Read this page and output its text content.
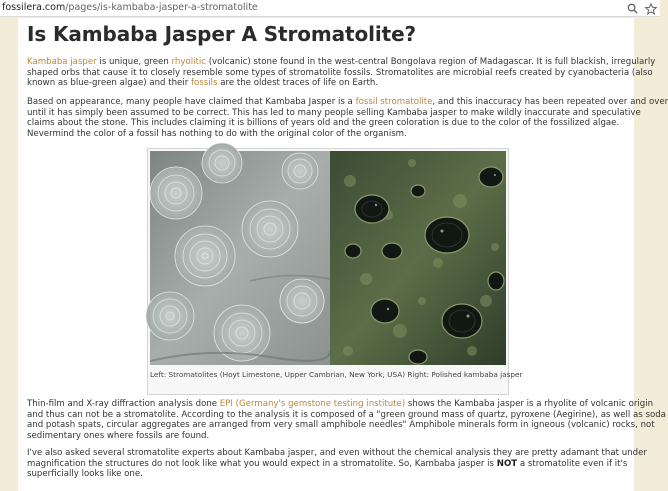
fossilera.com/pages/is-kambaba-jasper-a-stromatolite
Is Kambaba Jasper A Stromatolite?
Kambaba jasper is unique, green rhyolitic (volcanic) stone found in the west-central Bongolava region of Madagascar. It is full blackish, irregularly
shaped orbs that cause it to closely resemble some types of stromatolite fossils. Stromatolites are microbial reefs created by cyanobacteria (also
known as blue-green algae) and their fossils are the oldest traces of life on Earth.
Based on appearance, many people have claimed that Kambaba Jasper is a fossil stromatolite, and this inaccuracy has been repeated over and over
until it has simply been assumed to be correct. This has led to many people selling Kambaba jasper to make wildly inaccurate and speculative
claims about the stone. This includes claiming it is billions of years old and the green coloration is due to the color of the fossilized algae.
Nevermind the color of a fossil has nothing to do with the original color of the organism.
Left: Stromatolites (Hoyt Limestone, Upper Cambrian, New York, USA) Right: Polished kambaba jasper
Thin-film and X-ray diffraction analysis done EPI (Germany's gemstone testing institute) shows the Kambaba jasper is a rhyolite of volcanic origin
and thus can not be a stromatolite. According to the analysis it is composed of a "green ground mass of quartz, pyroxene (Aegirine), as well as soda
and potash spats, circular aggregates are arranged from very small amphibole needles" Amphibole minerals form in igneous (volcanic) rocks, not
sedimentary ones where fossils are found.
I've also asked several stromatolite experts about Kambaba jasper, and even without the chemical analysis they are pretty adamant that under
magnification the structures do not look like what you would expect in a stromatolite. So, Kambaba jasper is NOT a stromatolite even if it's
superficially looks like one.
